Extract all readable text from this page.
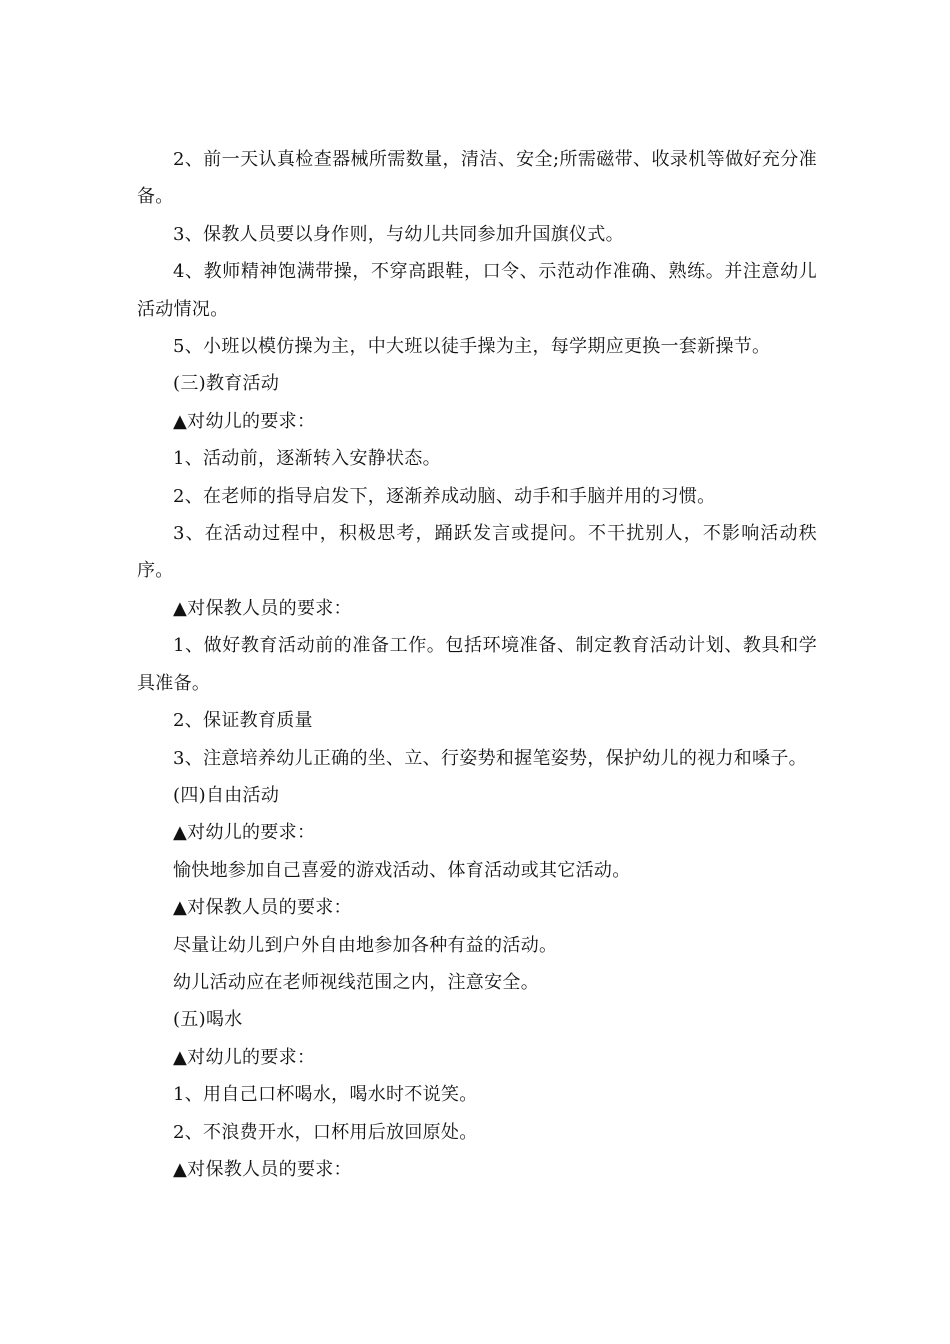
2、前一天认真检查器械所需数量，清洁、安全;所需磁带、收录机等做好充分准备。

3、保教人员要以身作则，与幼儿共同参加升国旗仪式。

4、教师精神饱满带操，不穿高跟鞋，口令、示范动作准确、熟练。并注意幼儿活动情况。

5、小班以模仿操为主，中大班以徒手操为主，每学期应更换一套新操节。

(三)教育活动

▲对幼儿的要求：

1、活动前，逐渐转入安静状态。

2、在老师的指导启发下，逐渐养成动脑、动手和手脑并用的习惯。

3、在活动过程中，积极思考，踊跃发言或提问。不干扰别人，不影响活动秩序。

▲对保教人员的要求：

1、做好教育活动前的准备工作。包括环境准备、制定教育活动计划、教具和学具准备。

2、保证教育质量

3、注意培养幼儿正确的坐、立、行姿势和握笔姿势，保护幼儿的视力和嗓子。

(四)自由活动

▲对幼儿的要求：

愉快地参加自己喜爱的游戏活动、体育活动或其它活动。

▲对保教人员的要求：

尽量让幼儿到户外自由地参加各种有益的活动。

幼儿活动应在老师视线范围之内，注意安全。

(五)喝水

▲对幼儿的要求：

1、用自己口杯喝水，喝水时不说笑。

2、不浪费开水，口杯用后放回原处。

▲对保教人员的要求：
